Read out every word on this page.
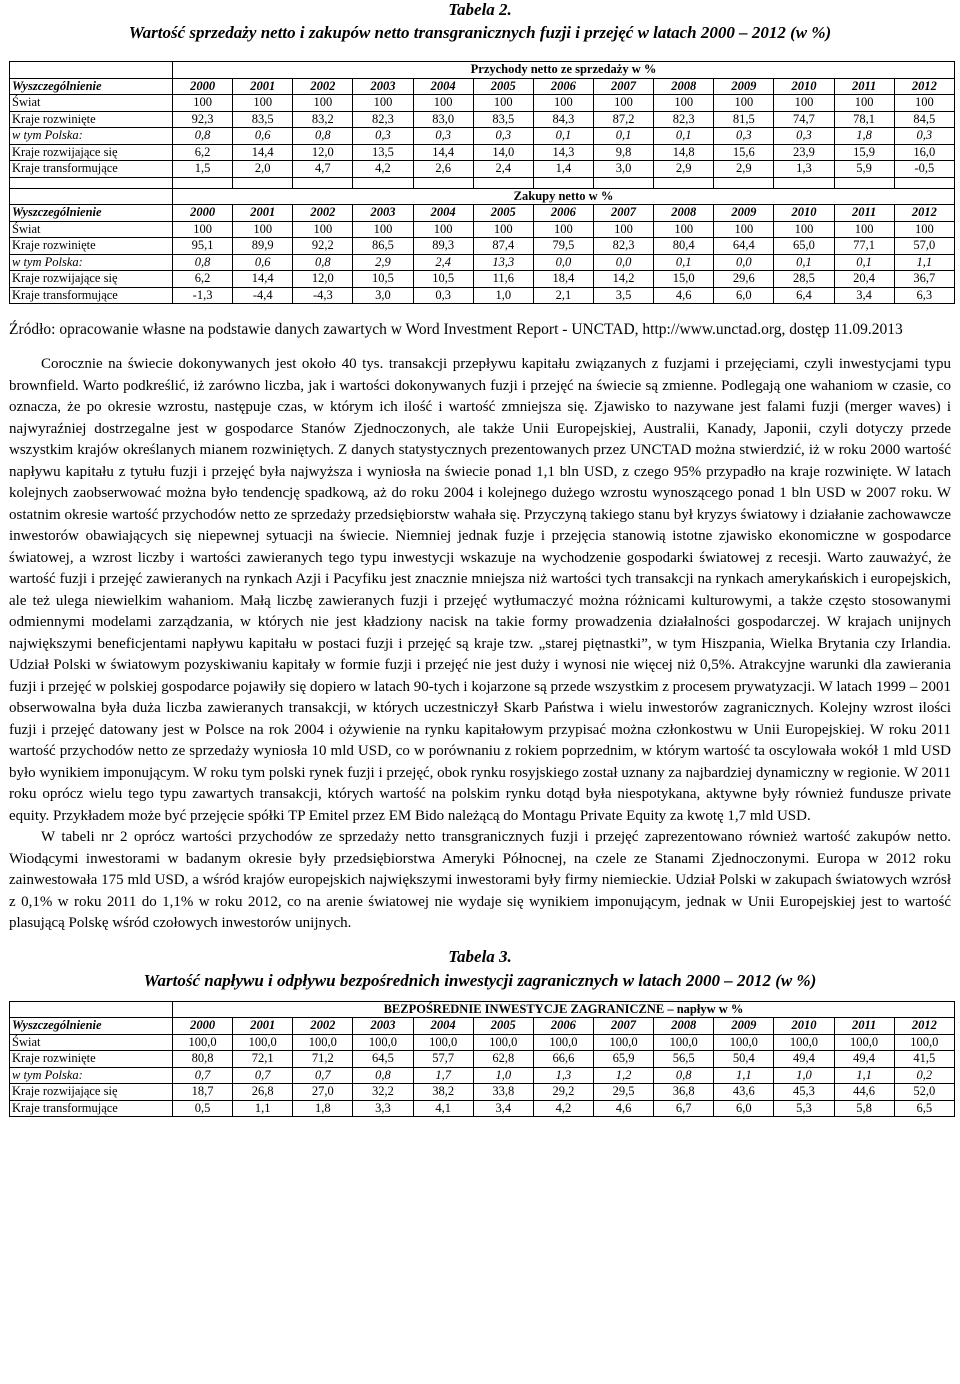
Tabela 2.
Wartość sprzedaży netto i zakupów netto transgranicznych fuzji i przejęć w latach 2000 – 2012 (w %)
	Przychody netto ze sprzedaży w %												
Wyszczególnienie	2000	2001	2002	2003	2004	2005	2006	2007	2008	2009	2010	2011	2012
Świat	100	100	100	100	100	100	100	100	100	100	100	100	100
Kraje rozwinięte	92,3	83,5	83,2	82,3	83,0	83,5	84,3	87,2	82,3	81,5	74,7	78,1	84,5
w tym Polska:	0,8	0,6	0,8	0,3	0,3	0,3	0,1	0,1	0,1	0,3	0,3	1,8	0,3
Kraje rozwijające się	6,2	14,4	12,0	13,5	14,4	14,0	14,3	9,8	14,8	15,6	23,9	15,9	16,0
Kraje transformujące	1,5	2,0	4,7	4,2	2,6	2,4	1,4	3,0	2,9	2,9	1,3	5,9	-0,5

	Zakupy netto w %												
Wyszczególnienie	2000	2001	2002	2003	2004	2005	2006	2007	2008	2009	2010	2011	2012
Świat	100	100	100	100	100	100	100	100	100	100	100	100	100
Kraje rozwinięte	95,1	89,9	92,2	86,5	89,3	87,4	79,5	82,3	80,4	64,4	65,0	77,1	57,0
w tym Polska:	0,8	0,6	0,8	2,9	2,4	13,3	0,0	0,0	0,1	0,0	0,1	0,1	1,1
Kraje rozwijające się	6,2	14,4	12,0	10,5	10,5	11,6	18,4	14,2	15,0	29,6	28,5	20,4	36,7
Kraje transformujące	-1,3	-4,4	-4,3	3,0	0,3	1,0	2,1	3,5	4,6	6,0	6,4	3,4	6,3
Źródło: opracowanie własne na podstawie danych zawartych w Word Investment Report - UNCTAD, http://www.unctad.org, dostęp 11.09.2013

Corocznie na świecie dokonywanych jest około 40 tys. transakcji przepływu kapitału związanych z fuzjami i przejęciami, czyli inwestycjami typu brownfield. Warto podkreślić, iż zarówno liczba, jak i wartości dokonywanych fuzji i przejęć na świecie są zmienne. Podlegają one wahaniom w czasie, co oznacza, że po okresie wzrostu, następuje czas, w którym ich ilość i wartość zmniejsza się. Zjawisko to nazywane jest falami fuzji (merger waves) i najwyraźniej dostrzegalne jest w gospodarce Stanów Zjednoczonych, ale także Unii Europejskiej, Australii, Kanady, Japonii, czyli dotyczy przede wszystkim krajów określanych mianem rozwiniętych. Z danych statystycznych prezentowanych przez UNCTAD można stwierdzić, iż w roku 2000 wartość napływu kapitału z tytułu fuzji i przejęć była najwyższa i wyniosła na świecie ponad 1,1 bln USD, z czego 95% przypadło na kraje rozwinięte. W latach kolejnych zaobserwować można było tendencję spadkową, aż do roku 2004 i kolejnego dużego wzrostu wynoszącego ponad 1 bln USD w 2007 roku. W ostatnim okresie wartość przychodów netto ze sprzedaży przedsiębiorstw wahała się. Przyczyną takiego stanu był kryzys światowy i działanie zachowawcze inwestorów obawiających się niepewnej sytuacji na świecie. Niemniej jednak fuzje i przejęcia stanowią istotne zjawisko ekonomiczne w gospodarce światowej, a wzrost liczby i wartości zawieranych tego typu inwestycji wskazuje na wychodzenie gospodarki światowej z recesji. Warto zauważyć, że wartość fuzji i przejęć zawieranych na rynkach Azji i Pacyfiku jest znacznie mniejsza niż wartości tych transakcji na rynkach amerykańskich i europejskich, ale też ulega niewielkim wahaniom. Małą liczbę zawieranych fuzji i przejęć wytłumaczyć można różnicami kulturowymi, a także często stosowanymi odmiennymi modelami zarządzania, w których nie jest kładziony nacisk na takie formy prowadzenia działalności gospodarczej. W krajach unijnych największymi beneficjentami napływu kapitału w postaci fuzji i przejęć są kraje tzw. „starej piętnastki”, w tym Hiszpania, Wielka Brytania czy Irlandia. Udział Polski w światowym pozyskiwaniu kapitały w formie fuzji i przejęć nie jest duży i wynosi nie więcej niż 0,5%. Atrakcyjne warunki dla zawierania fuzji i przejęć w polskiej gospodarce pojawiły się dopiero w latach 90-tych i kojarzone są przede wszystkim z procesem prywatyzacji. W latach 1999 – 2001 obserwowalna była duża liczba zawieranych transakcji, w których uczestniczył Skarb Państwa i wielu inwestorów zagranicznych. Kolejny wzrost ilości fuzji i przejęć datowany jest w Polsce na rok 2004 i ożywienie na rynku kapitałowym przypisać można członkostwu w Unii Europejskiej. W roku 2011 wartość przychodów netto ze sprzedaży wyniosła 10 mld USD, co w porównaniu z rokiem poprzednim, w którym wartość ta oscylowała wokół 1 mld USD było wynikiem imponującym. W roku tym polski rynek fuzji i przejęć, obok rynku rosyjskiego został uznany za najbardziej dynamiczny w regionie. W 2011 roku oprócz wielu tego typu zawartych transakcji, których wartość na polskim rynku dotąd była niespotykana, aktywne były również fundusze private equity. Przykładem może być przejęcie spółki TP Emitel przez EM Bido należącą do Montagu Private Equity za kwotę 1,7 mld USD.

W tabeli nr 2 oprócz wartości przychodów ze sprzedaży netto transgranicznych fuzji i przejęć zaprezentowano również wartość zakupów netto. Wiodącymi inwestorami w badanym okresie były przedsiębiorstwa Ameryki Północnej, na czele ze Stanami Zjednoczonymi. Europa w 2012 roku zainwestowała 175 mld USD, a wśród krajów europejskich największymi inwestorami były firmy niemieckie. Udział Polski w zakupach światowych wzrósł z 0,1% w roku 2011 do 1,1% w roku 2012, co na arenie światowej nie wydaje się wynikiem imponującym, jednak w Unii Europejskiej jest to wartość plasującą Polskę wśród czołowych inwestorów unijnych.

Tabela 3.
Wartość napływu i odpływu bezpośrednich inwestycji zagranicznych w latach 2000 – 2012 (w %)
	BEZPOŚREDNIE INWESTYCJE ZAGRANICZNE – napływ w %												
Wyszczególnienie	2000	2001	2002	2003	2004	2005	2006	2007	2008	2009	2010	2011	2012
Świat	100,0	100,0	100,0	100,0	100,0	100,0	100,0	100,0	100,0	100,0	100,0	100,0	100,0
Kraje rozwinięte	80,8	72,1	71,2	64,5	57,7	62,8	66,6	65,9	56,5	50,4	49,4	49,4	41,5
w tym Polska:	0,7	0,7	0,7	0,8	1,7	1,0	1,3	1,2	0,8	1,1	1,0	1,1	0,2
Kraje rozwijające się	18,7	26,8	27,0	32,2	38,2	33,8	29,2	29,5	36,8	43,6	45,3	44,6	52,0
Kraje transformujące	0,5	1,1	1,8	3,3	4,1	3,4	4,2	4,6	6,7	6,0	5,3	5,8	6,5
